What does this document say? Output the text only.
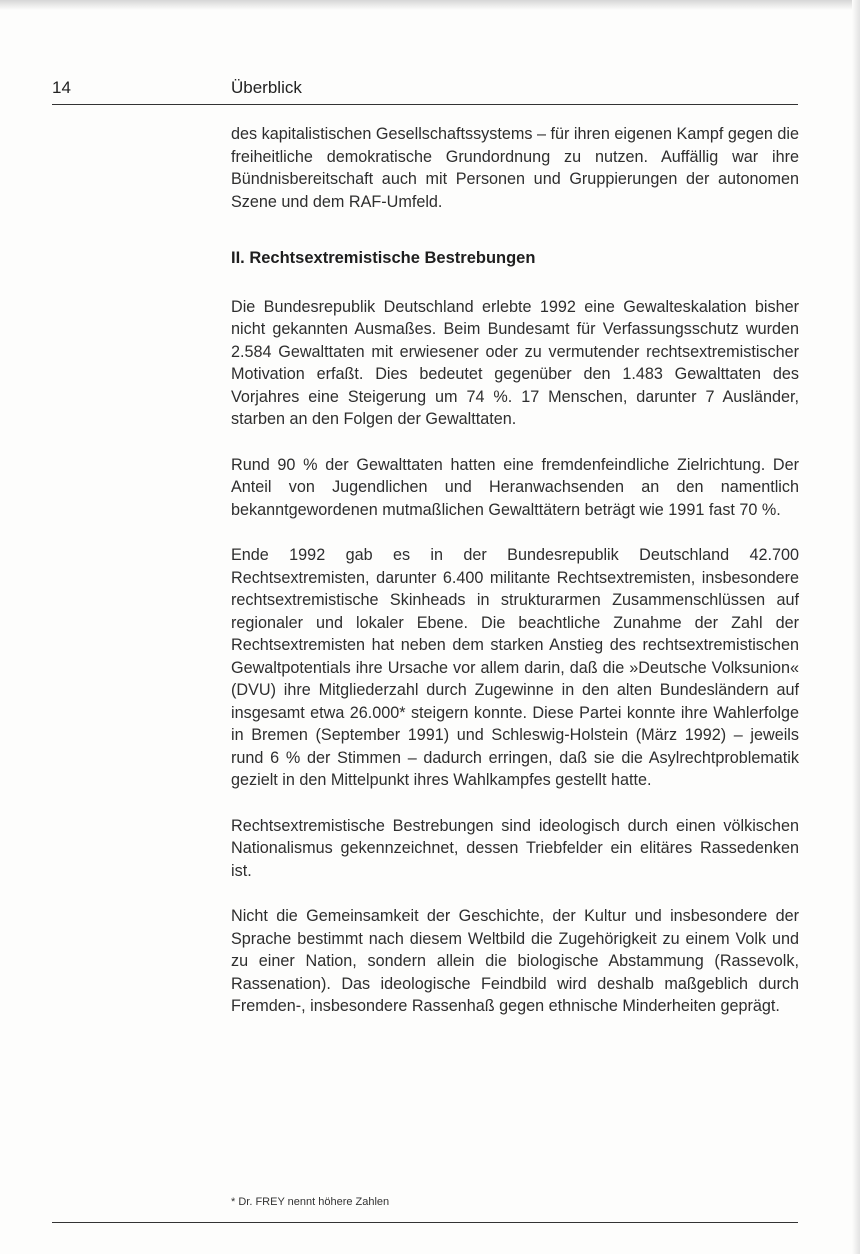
14	Überblick

des kapitalistischen Gesellschaftssystems – für ihren eigenen Kampf gegen die freiheitliche demokratische Grundordnung zu nutzen. Auffällig war ihre Bündnisbereitschaft auch mit Personen und Gruppierungen der autonomen Szene und dem RAF-Umfeld.

II. Rechtsextremistische Bestrebungen

Die Bundesrepublik Deutschland erlebte 1992 eine Gewalteskalation bisher nicht gekannten Ausmaßes. Beim Bundesamt für Verfassungsschutz wurden 2.584 Gewalttaten mit erwiesener oder zu vermutender rechtsextremistischer Motivation erfaßt. Dies bedeutet gegenüber den 1.483 Gewalttaten des Vorjahres eine Steigerung um 74 %. 17 Menschen, darunter 7 Ausländer, starben an den Folgen der Gewalttaten.

Rund 90 % der Gewalttaten hatten eine fremdenfeindliche Zielrichtung. Der Anteil von Jugendlichen und Heranwachsenden an den namentlich bekanntgewordenen mutmaßlichen Gewalttätern beträgt wie 1991 fast 70 %.

Ende 1992 gab es in der Bundesrepublik Deutschland 42.700 Rechtsextremisten, darunter 6.400 militante Rechtsextremisten, insbesondere rechtsextremistische Skinheads in strukturarmen Zusammenschlüssen auf regionaler und lokaler Ebene. Die beachtliche Zunahme der Zahl der Rechtsextremisten hat neben dem starken Anstieg des rechtsextremistischen Gewaltpotentials ihre Ursache vor allem darin, daß die »Deutsche Volksunion« (DVU) ihre Mitgliederzahl durch Zugewinne in den alten Bundesländern auf insgesamt etwa 26.000* steigern konnte. Diese Partei konnte ihre Wahlerfolge in Bremen (September 1991) und Schleswig-Holstein (März 1992) – jeweils rund 6 % der Stimmen – dadurch erringen, daß sie die Asylrechtproblematik gezielt in den Mittelpunkt ihres Wahlkampfes gestellt hatte.

Rechtsextremistische Bestrebungen sind ideologisch durch einen völkischen Nationalismus gekennzeichnet, dessen Triebfelder ein elitäres Rassedenken ist.

Nicht die Gemeinsamkeit der Geschichte, der Kultur und insbesondere der Sprache bestimmt nach diesem Weltbild die Zugehörigkeit zu einem Volk und zu einer Nation, sondern allein die biologische Abstammung (Rassevolk, Rassenation). Das ideologische Feindbild wird deshalb maßgeblich durch Fremden-, insbesondere Rassenhaß gegen ethnische Minderheiten geprägt.

* Dr. FREY nennt höhere Zahlen
